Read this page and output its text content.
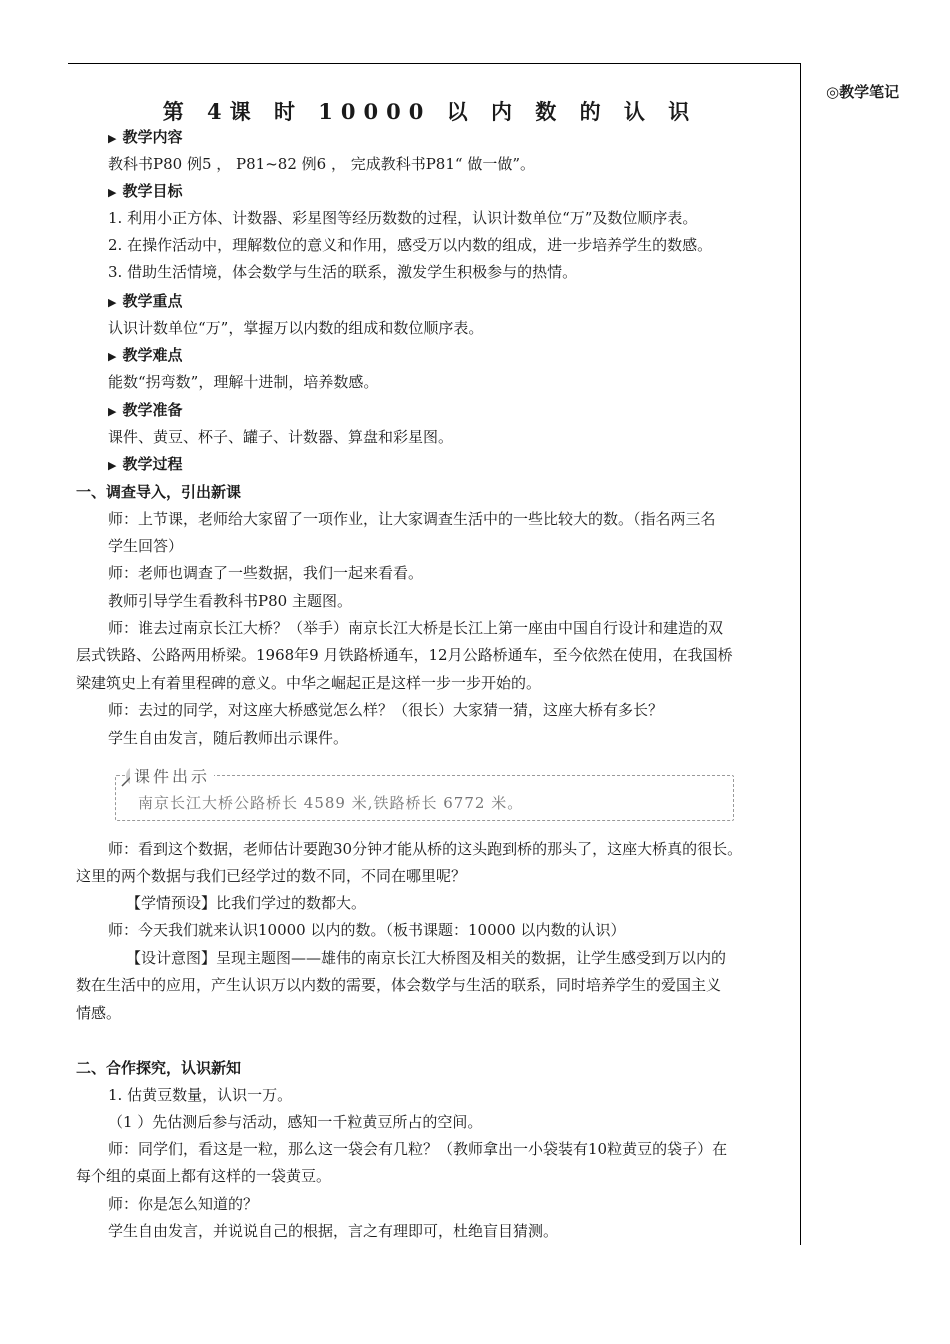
◎教学笔记
第 4课 时 10000 以 内 数 的 认 识
▶ 教学内容
教科书P80 例5 ， P81~82 例6 ， 完成教科书P81“ 做一做”。
▶ 教学目标
1. 利用小正方体、计数器、彩星图等经历数数的过程，认识计数单位“万”及数位顺序表。
2. 在操作活动中，理解数位的意义和作用，感受万以内数的组成，进一步培养学生的数感。
3. 借助生活情境，体会数学与生活的联系，激发学生积极参与的热情。
▶ 教学重点
认识计数单位“万”，掌握万以内数的组成和数位顺序表。
▶ 教学难点
能数“拐弯数”，理解十进制，培养数感。
▶ 教学准备
课件、黄豆、杯子、罐子、计数器、算盘和彩星图。
▶ 教学过程
一、调查导入，引出新课
师：上节课，老师给大家留了一项作业，让大家调查生活中的一些比较大的数。（指名两三名
学生回答）
师：老师也调查了一些数据，我们一起来看看。
教师引导学生看教科书P80 主题图。
师：谁去过南京长江大桥？（举手）南京长江大桥是长江上第一座由中国自行设计和建造的双
层式铁路、公路两用桥梁。1968年9 月铁路桥通车，12月公路桥通车，至今依然在使用，在我国桥
梁建筑史上有着里程碑的意义。中华之崛起正是这样一步一步开始的。
师：去过的同学，对这座大桥感觉怎么样？（很长）大家猜一猜，这座大桥有多长？
学生自由发言，随后教师出示课件。
课件出示
南京长江大桥公路桥长 4589 米,铁路桥长 6772 米。
师：看到这个数据，老师估计要跑30分钟才能从桥的这头跑到桥的那头了，这座大桥真的很长。
这里的两个数据与我们已经学过的数不同，不同在哪里呢？
【学情预设】比我们学过的数都大。
师：今天我们就来认识10000 以内的数。（板书课题：10000 以内数的认识）
【设计意图】呈现主题图——雄伟的南京长江大桥图及相关的数据，让学生感受到万以内的
数在生活中的应用，产生认识万以内数的需要，体会数学与生活的联系，同时培养学生的爱国主义
情感。
二、合作探究，认识新知
1. 估黄豆数量，认识一万。
（1 ）先估测后参与活动，感知一千粒黄豆所占的空间。
师：同学们，看这是一粒，那么这一袋会有几粒？（教师拿出一小袋装有10粒黄豆的袋子）在
每个组的桌面上都有这样的一袋黄豆。
师：你是怎么知道的？
学生自由发言，并说说自己的根据，言之有理即可，杜绝盲目猜测。
